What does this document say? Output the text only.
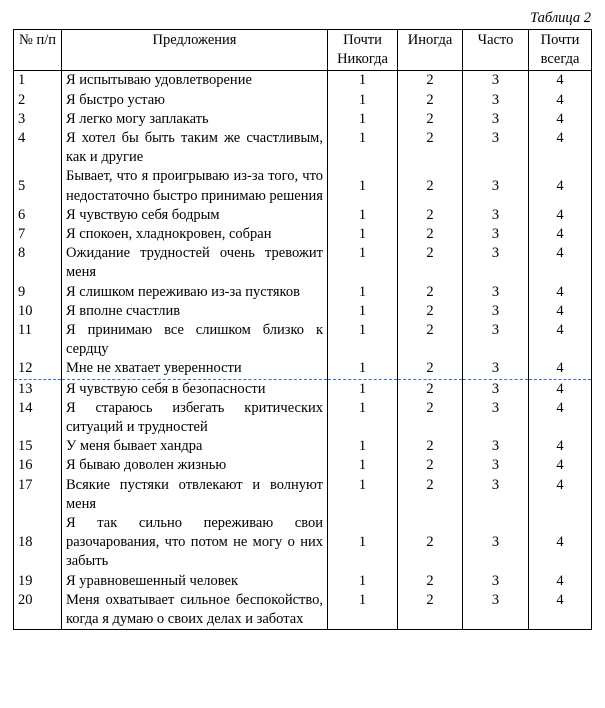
Таблица 2
№ п/п	Предложения	Почти Никогда	Иногда	Часто	Почти всегда
1	Я испытываю удовлетворение	1	2	3	4
2	Я быстро устаю	1	2	3	4
3	Я легко могу заплакать	1	2	3	4
4	Я хотел бы быть таким же счастливым, как и другие	1	2	3	4
5	Бывает, что я проигрываю из-за того, что недостаточно быстро принимаю решения	1	2	3	4
6	Я чувствую себя бодрым	1	2	3	4
7	Я спокоен, хладнокровен, собран	1	2	3	4
8	Ожидание трудностей очень тревожит меня	1	2	3	4
9	Я слишком переживаю из-за пустяков	1	2	3	4
10	Я вполне счастлив	1	2	3	4
11	Я принимаю все слишком близко к сердцу	1	2	3	4
12	Мне не хватает уверенности	1	2	3	4
13	Я чувствую себя в безопасности	1	2	3	4
14	Я стараюсь избегать критических ситуаций и трудностей	1	2	3	4
15	У меня бывает хандра	1	2	3	4
16	Я бываю доволен жизнью	1	2	3	4
17	Всякие пустяки отвлекают и волнуют меня	1	2	3	4
18	Я так сильно переживаю свои разочарования, что потом не могу о них забыть	1	2	3	4
19	Я уравновешенный человек	1	2	3	4
20	Меня охватывает сильное беспокойство, когда я думаю о своих делах и заботах	1	2	3	4
